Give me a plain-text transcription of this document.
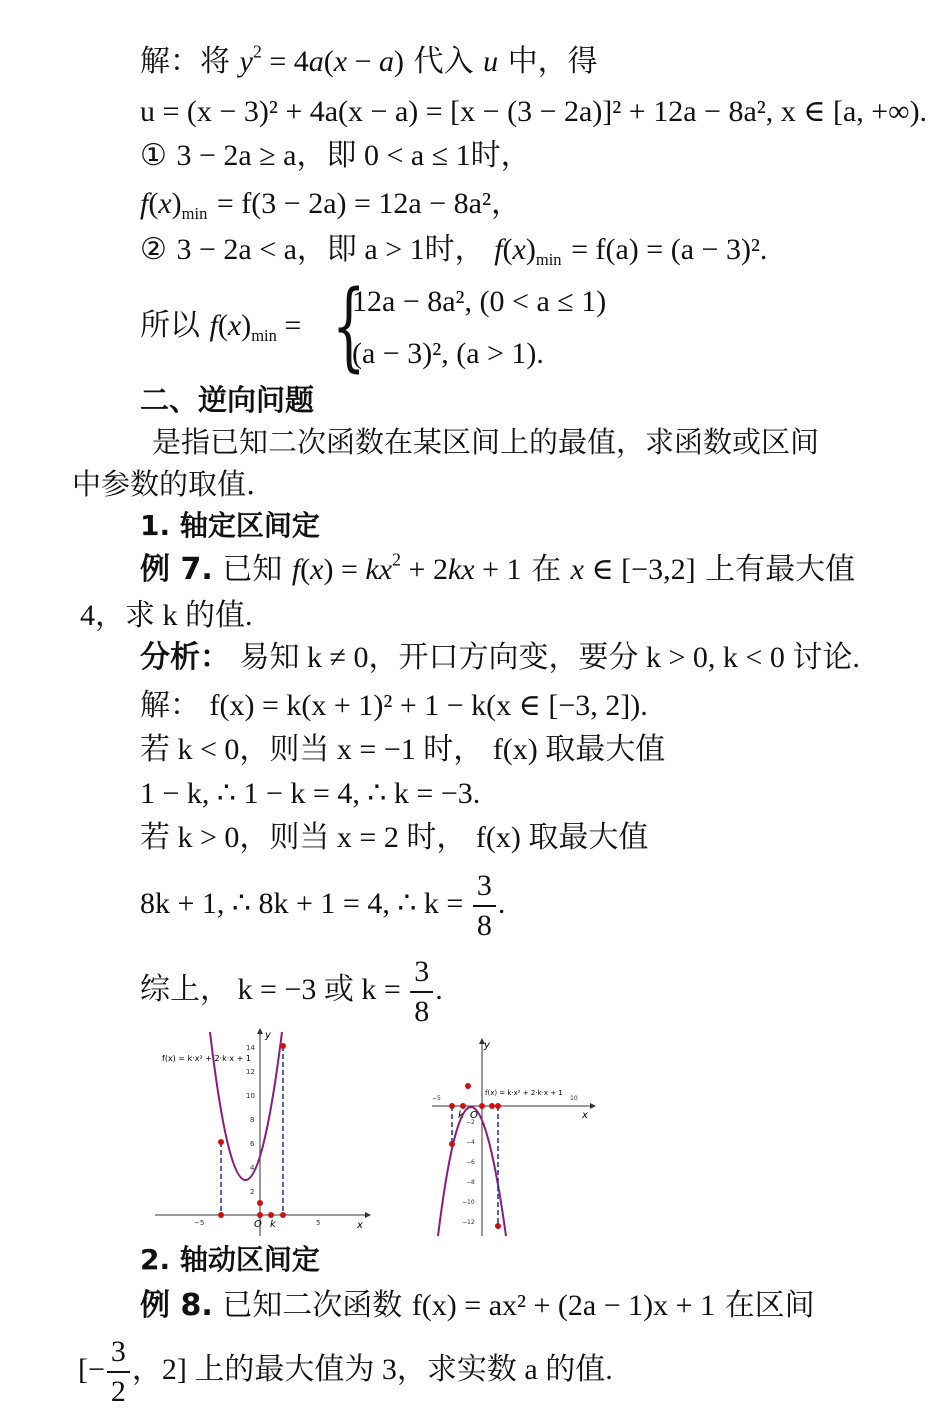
解：将 $y^2 = 4a(x - a)$ 代入 u 中，得
u = (x − 3)² + 4a(x − a) = [x − (3 − 2a)]² + 12a − 8a², x ∈ [a, +∞).
① 3 − 2a ≥ a，即 0 < a ≤ 1时，
$f(x)_{min} = f(3 - 2a) = 12a - 8a^2$，
② 3 − 2a < a，即 a > 1时， $f(x)_{min} = f(a) = (a - 3)^2$.
所以 $f(x)_{min}$ = {
12a − 8a², (0 < a ≤ 1)
(a − 3)², (a > 1).
二、逆向问题
是指已知二次函数在某区间上的最值，求函数或区间
中参数的取值.
1. 轴定区间定
例 7. 已知 $f(x) = kx^2 + 2kx + 1$ 在 x ∈ [−3,2] 上有最大值
4，求 k 的值.
分析： 易知 k ≠ 0，开口方向变，要分 k > 0, k < 0 讨论.
解： f(x) = k(x + 1)² + 1 − k(x ∈ [−3, 2]).
若 k < 0，则当 x = −1 时， f(x) 取最大值
1 − k, ∴ 1 − k = 4, ∴ k = −3.
若 k > 0，则当 x = 2 时， f(x) 取最大值
8k + 1, ∴ 8k + 1 = 4, ∴ $k = \frac{3}{8}$ .
综上， k = −3 或 $k = \frac{3}{8}$ .
y
x
O k
f(x) = k·x² + 2·k·x + 1
14
12
10
8
6
4
2
−5	5
y
x
O
k
f(x) = k·x² + 2·k·x + 1
−2
−4
−6
−8
−10
−12
−5	10
2. 轴动区间定
例 8. 已知二次函数 f(x) = ax² + (2a − 1)x + 1 在区间
[− $\frac{3}{2}$ ，2] 上的最大值为 3，求实数 a 的值.
